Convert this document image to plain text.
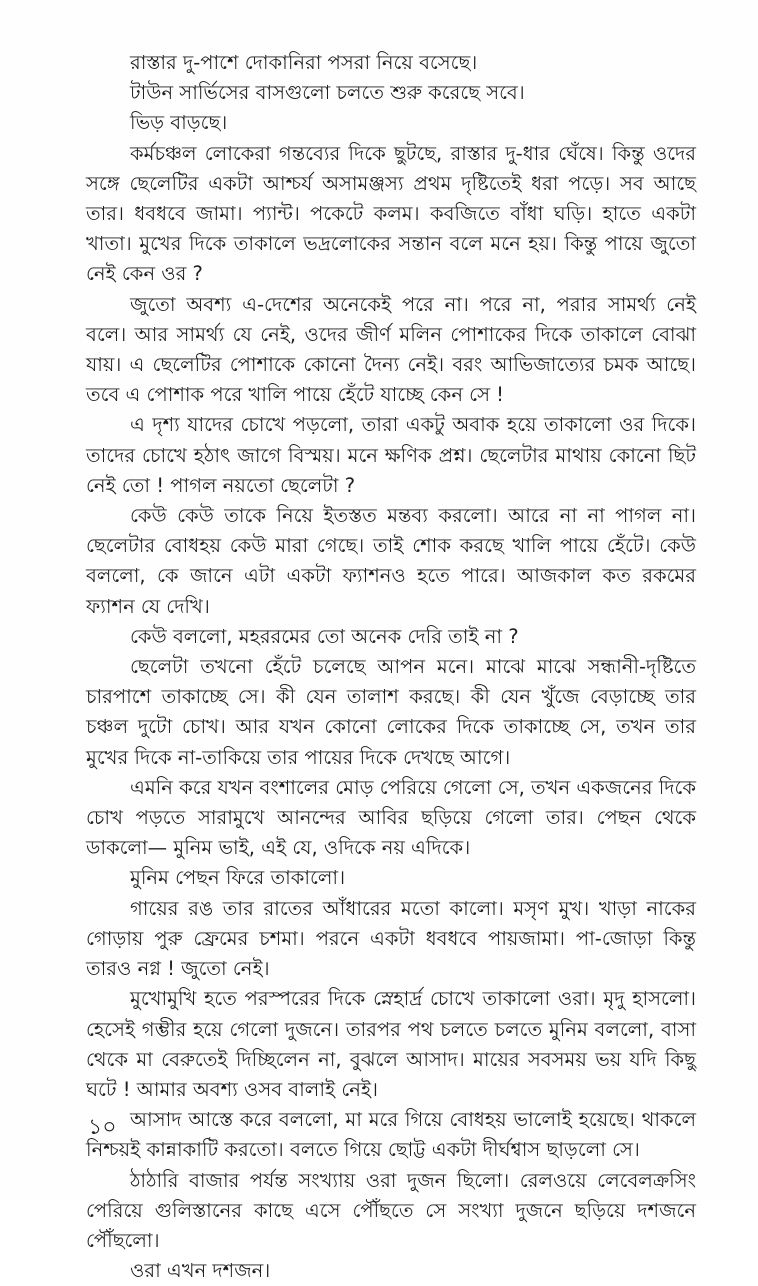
রাস্তার দু-পাশে দোকানিরা পসরা নিয়ে বসেছে।

টাউন সার্ভিসের বাসগুলো চলতে শুরু করেছে সবে।

ভিড় বাড়ছে।

কর্মচঞ্চল লোকেরা গন্তব্যের দিকে ছুটছে, রাস্তার দু-ধার ঘেঁষে। কিন্তু ওদের সঙ্গে ছেলেটির একটা আশ্চর্য অসামঞ্জস্য প্রথম দৃষ্টিতেই ধরা পড়ে। সব আছে তার। ধবধবে জামা। প্যান্ট। পকেটে কলম। কবজিতে বাঁধা ঘড়ি। হাতে একটা খাতা। মুখের দিকে তাকালে ভদ্রলোকের সন্তান বলে মনে হয়। কিন্তু পায়ে জুতো নেই কেন ওর ?

জুতো অবশ্য এ-দেশের অনেকেই পরে না। পরে না, পরার সামর্থ্য নেই বলে। আর সামর্থ্য যে নেই, ওদের জীর্ণ মলিন পোশাকের দিকে তাকালে বোঝা যায়। এ ছেলেটির পোশাকে কোনো দৈন্য নেই। বরং আভিজাত্যের চমক আছে। তবে এ পোশাক পরে খালি পায়ে হেঁটে যাচ্ছে কেন সে !

এ দৃশ্য যাদের চোখে পড়লো, তারা একটু অবাক হয়ে তাকালো ওর দিকে। তাদের চোখে হঠাৎ জাগে বিস্ময়। মনে ক্ষণিক প্রশ্ন। ছেলেটার মাথায় কোনো ছিট নেই তো ! পাগল নয়তো ছেলেটা ?

কেউ কেউ তাকে নিয়ে ইতস্তত মন্তব্য করলো। আরে না না পাগল না। ছেলেটার বোধহয় কেউ মারা গেছে। তাই শোক করছে খালি পায়ে হেঁটে। কেউ বললো, কে জানে এটা একটা ফ্যাশনও হতে পারে। আজকাল কত রকমের ফ্যাশন যে দেখি।

কেউ বললো, মহররমের তো অনেক দেরি তাই না ?

ছেলেটা তখনো হেঁটে চলেছে আপন মনে। মাঝে মাঝে সন্ধানী-দৃষ্টিতে চারপাশে তাকাচ্ছে সে। কী যেন তালাশ করছে। কী যেন খুঁজে বেড়াচ্ছে তার চঞ্চল দুটো চোখ। আর যখন কোনো লোকের দিকে তাকাচ্ছে সে, তখন তার মুখের দিকে না-তাকিয়ে তার পায়ের দিকে দেখছে আগে।

এমনি করে যখন বংশালের মোড় পেরিয়ে গেলো সে, তখন একজনের দিকে চোখ পড়তে সারামুখে আনন্দের আবির ছড়িয়ে গেলো তার। পেছন থেকে ডাকলো— মুনিম ভাই, এই যে, ওদিকে নয় এদিকে।

মুনিম পেছন ফিরে তাকালো।

গায়ের রঙ তার রাতের আঁধারের মতো কালো। মসৃণ মুখ। খাড়া নাকের গোড়ায় পুরু ফ্রেমের চশমা। পরনে একটা ধবধবে পায়জামা। পা-জোড়া কিন্তু তারও নগ্ন ! জুতো নেই।

মুখোমুখি হতে পরস্পরের দিকে স্নেহার্দ্র চোখে তাকালো ওরা। মৃদু হাসলো। হেসেই গম্ভীর হয়ে গেলো দুজনে। তারপর পথ চলতে চলতে মুনিম বললো, বাসা থেকে মা বেরুতেই দিচ্ছিলেন না, বুঝলে আসাদ। মায়ের সবসময় ভয় যদি কিছু ঘটে ! আমার অবশ্য ওসব বালাই নেই।

আসাদ আস্তে করে বললো, মা মরে গিয়ে বোধহয় ভালোই হয়েছে। থাকলে নিশ্চয়ই কান্নাকাটি করতো। বলতে গিয়ে ছোট্ট একটা দীর্ঘশ্বাস ছাড়লো সে।

ঠাঠারি বাজার পর্যন্ত সংখ্যায় ওরা দুজন ছিলো। রেলওয়ে লেবেলক্রসিং পেরিয়ে গুলিস্তানের কাছে এসে পৌঁছতে সে সংখ্যা দুজনে ছড়িয়ে দশজনে পৌঁছলো।

ওরা এখন দশজন।

১০
